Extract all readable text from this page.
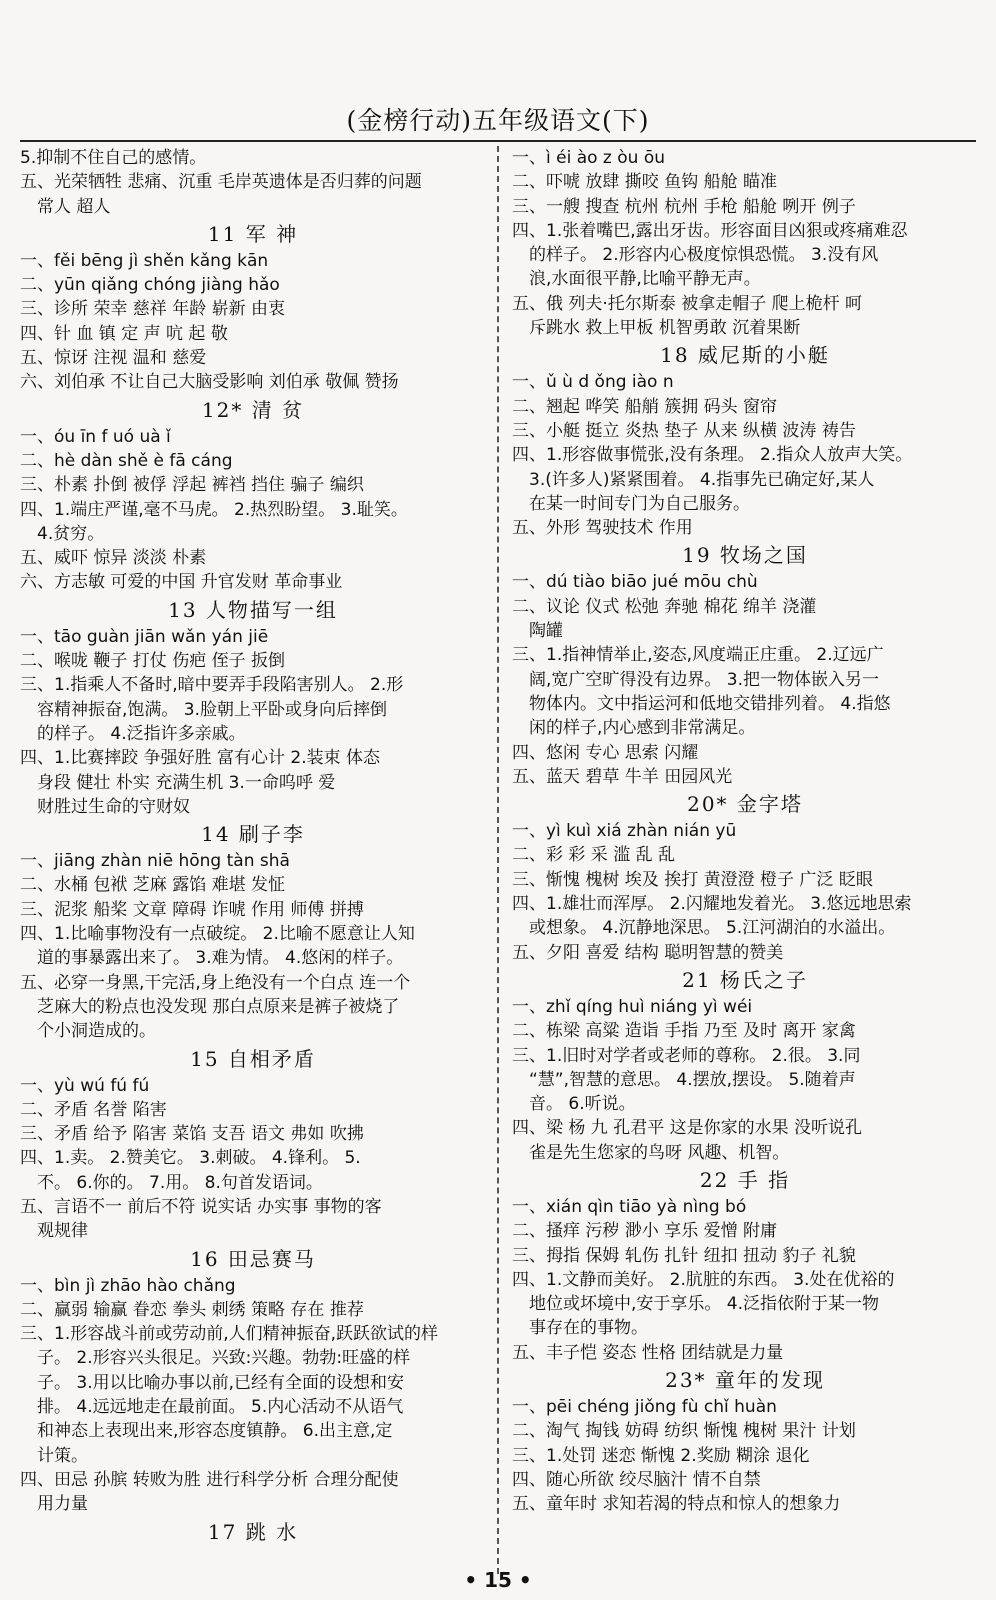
(金榜行动)五年级语文(下)
5.抑制不住自己的感情。
五、光荣牺牲 悲痛、沉重 毛岸英遗体是否归葬的问题
　常人 超人
11 军 神
一、fěi bēng jì shěn kǎng kān
二、yūn qiǎng chóng jiàng hǎo
三、诊所 荣幸 慈祥 年龄 崭新 由衷
四、针 血 镇 定 声 吭 起 敬
五、惊讶 注视 温和 慈爱
六、刘伯承 不让自己大脑受影响 刘伯承 敬佩 赞扬
12* 清 贫
一、óu īn f uó uà ǐ
二、hè dàn shě è fā cáng
三、朴素 扑倒 被俘 浮起 裤裆 挡住 骗子 编织
四、1.端庄严谨,毫不马虎。 2.热烈盼望。 3.耻笑。
　4.贫穷。
五、威吓 惊异 淡淡 朴素
六、方志敏 可爱的中国 升官发财 革命事业
13 人物描写一组
一、tāo guàn jiān wǎn yán jiē
二、喉咙 鞭子 打仗 伤疤 侄子 扳倒
三、1.指乘人不备时,暗中要弄手段陷害别人。 2.形
　容精神振奋,饱满。 3.脸朝上平卧或身向后摔倒
　的样子。 4.泛指许多亲戚。
四、1.比赛摔跤 争强好胜 富有心计 2.装束 体态
　身段 健壮 朴实 充满生机 3.一命呜呼 爱
　财胜过生命的守财奴
14 刷子李
一、jiāng zhàn niē hōng tàn shā
二、水桶 包袱 芝麻 露馅 难堪 发怔
三、泥浆 船桨 文章 障碍 诈唬 作用 师傅 拼搏
四、1.比喻事物没有一点破绽。 2.比喻不愿意让人知
　道的事暴露出来了。 3.难为情。 4.悠闲的样子。
五、必穿一身黑,干完活,身上绝没有一个白点 连一个
　芝麻大的粉点也没发现 那白点原来是裤子被烧了
　个小洞造成的。
15 自相矛盾
一、yù wú fú fú
二、矛盾 名誉 陷害
三、矛盾 给予 陷害 菜馅 支吾 语文 弗如 吹拂
四、1.卖。 2.赞美它。 3.刺破。 4.锋利。 5.
　不。 6.你的。 7.用。 8.句首发语词。
五、言语不一 前后不符 说实话 办实事 事物的客
　观规律
16 田忌赛马
一、bìn jì zhāo hào chǎng
二、赢弱 输赢 眷恋 拳头 刺绣 策略 存在 推荐
三、1.形容战斗前或劳动前,人们精神振奋,跃跃欲试的样
　子。 2.形容兴头很足。兴致:兴趣。勃勃:旺盛的样
　子。 3.用以比喻办事以前,已经有全面的设想和安
　排。 4.远远地走在最前面。 5.内心活动不从语气
　和神态上表现出来,形容态度镇静。 6.出主意,定
　计策。
四、田忌 孙膑 转败为胜 进行科学分析 合理分配使
　用力量
17 跳 水
一、ì éi ào z òu ōu
二、吓唬 放肆 撕咬 鱼钩 船舱 瞄准
三、一艘 搜查 杭州 杭州 手枪 船舱 咧开 例子
四、1.张着嘴巴,露出牙齿。形容面目凶狠或疼痛难忍
　的样子。 2.形容内心极度惊惧恐慌。 3.没有风
　浪,水面很平静,比喻平静无声。
五、俄 列夫·托尔斯泰 被拿走帽子 爬上桅杆 呵
　斥跳水 救上甲板 机智勇敢 沉着果断
18 威尼斯的小艇
一、ǔ ù d ǒng iào n
二、翘起 哗笑 船艄 簇拥 码头 窗帘
三、小艇 挺立 炎热 垫子 从来 纵横 波涛 祷告
四、1.形容做事慌张,没有条理。 2.指众人放声大笑。
　3.(许多人)紧紧围着。 4.指事先已确定好,某人
　在某一时间专门为自己服务。
五、外形 驾驶技术 作用
19 牧场之国
一、dú tiào biāo jué mōu chù
二、议论 仪式 松弛 奔驰 棉花 绵羊 浇灌
　陶罐
三、1.指神情举止,姿态,风度端正庄重。 2.辽远广
　阔,宽广空旷得没有边界。 3.把一物体嵌入另一
　物体内。文中指运河和低地交错排列着。 4.指悠
　闲的样子,内心感到非常满足。
四、悠闲 专心 思索 闪耀
五、蓝天 碧草 牛羊 田园风光
20* 金字塔
一、yì kuì xiá zhàn nián yū
二、彩 彩 采 滥 乱 乱
三、惭愧 槐树 埃及 挨打 黄澄澄 橙子 广泛 眨眼
四、1.雄壮而浑厚。 2.闪耀地发着光。 3.悠远地思索
　或想象。 4.沉静地深思。 5.江河湖泊的水溢出。
五、夕阳 喜爱 结构 聪明智慧的赞美
21 杨氏之子
一、zhǐ qíng huì niáng yì wéi
二、栋梁 高粱 造诣 手指 乃至 及时 离开 家禽
三、1.旧时对学者或老师的尊称。 2.很。 3.同
　“慧”,智慧的意思。 4.摆放,摆设。 5.随着声
　音。 6.听说。
四、梁 杨 九 孔君平 这是你家的水果 没听说孔
　雀是先生您家的鸟呀 风趣、机智。
22 手 指
一、xián qìn tiāo yà nìng bó
二、搔痒 污秽 渺小 享乐 爱憎 附庸
三、拇指 保姆 轧伤 扎针 纽扣 扭动 豹子 礼貌
四、1.文静而美好。 2.肮脏的东西。 3.处在优裕的
　地位或坏境中,安于享乐。 4.泛指依附于某一物
　事存在的事物。
五、丰子恺 姿态 性格 团结就是力量
23* 童年的发现
一、pēi chéng jiǒng fù chǐ huàn
二、淘气 掏钱 妨碍 纺织 惭愧 槐树 果汁 计划
三、1.处罚 迷恋 惭愧 2.奖励 糊涂 退化
四、随心所欲 绞尽脑汁 情不自禁
五、童年时 求知若渴的特点和惊人的想象力
• 15 •
